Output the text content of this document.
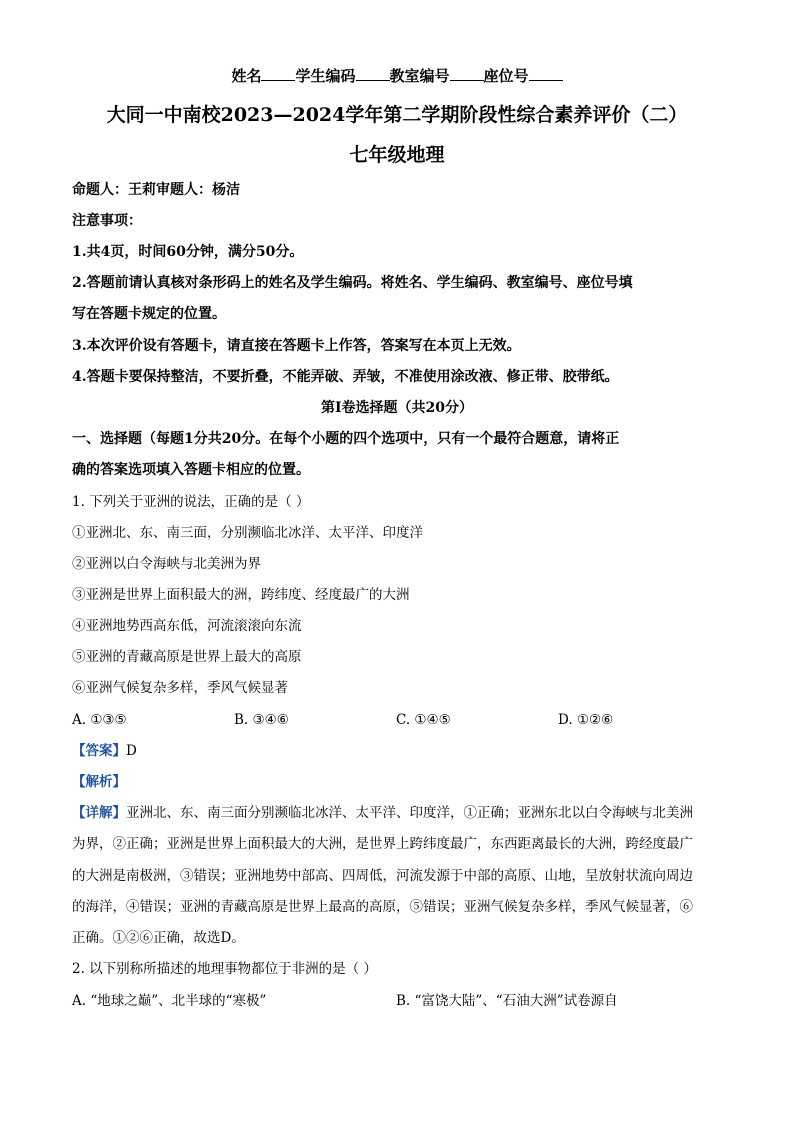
姓名 学生编码 教室编号 座位号
大同一中南校2023—2024学年第二学期阶段性综合素养评价（二）
七年级地理
命题人：王莉审题人：杨洁
注意事项：
1.共4页，时间60分钟，满分50分。
2.答题前请认真核对条形码上的姓名及学生编码。将姓名、学生编码、教室编号、座位号填
写在答题卡规定的位置。
3.本次评价设有答题卡，请直接在答题卡上作答，答案写在本页上无效。
4.答题卡要保持整洁，不要折叠，不能弄破、弄皱，不准使用涂改液、修正带、胶带纸。
第Ⅰ卷选择题（共20分）
一、选择题（每题1分共20分。在每个小题的四个选项中，只有一个最符合题意，请将正
确的答案选项填入答题卡相应的位置。
1. 下列关于亚洲的说法，正确的是（ ）
①亚洲北、东、南三面，分别濒临北冰洋、太平洋、印度洋
②亚洲以白令海峡与北美洲为界
③亚洲是世界上面积最大的洲，跨纬度、经度最广的大洲
④亚洲地势西高东低，河流滚滚向东流
⑤亚洲的青藏高原是世界上最大的高原
⑥亚洲气候复杂多样，季风气候显著
A. ①③⑤	B. ③④⑥	C. ①④⑤	D. ①②⑥
【答案】D
【解析】
【详解】亚洲北、东、南三面分别濒临北冰洋、太平洋、印度洋，①正确；亚洲东北以白令海峡与北美洲
为界，②正确；亚洲是世界上面积最大的大洲，是世界上跨纬度最广，东西距离最长的大洲，跨经度最广
的大洲是南极洲，③错误；亚洲地势中部高、四周低，河流发源于中部的高原、山地，呈放射状流向周边
的海洋，④错误；亚洲的青藏高原是世界上最高的高原，⑤错误；亚洲气候复杂多样，季风气候显著，⑥
正确。①②⑥正确，故选D。
2. 以下别称所描述的地理事物都位于非洲的是（ ）
A. “地球之巅”、北半球的“寒极”	B. “富饶大陆”、“石油大洲”试卷源自
